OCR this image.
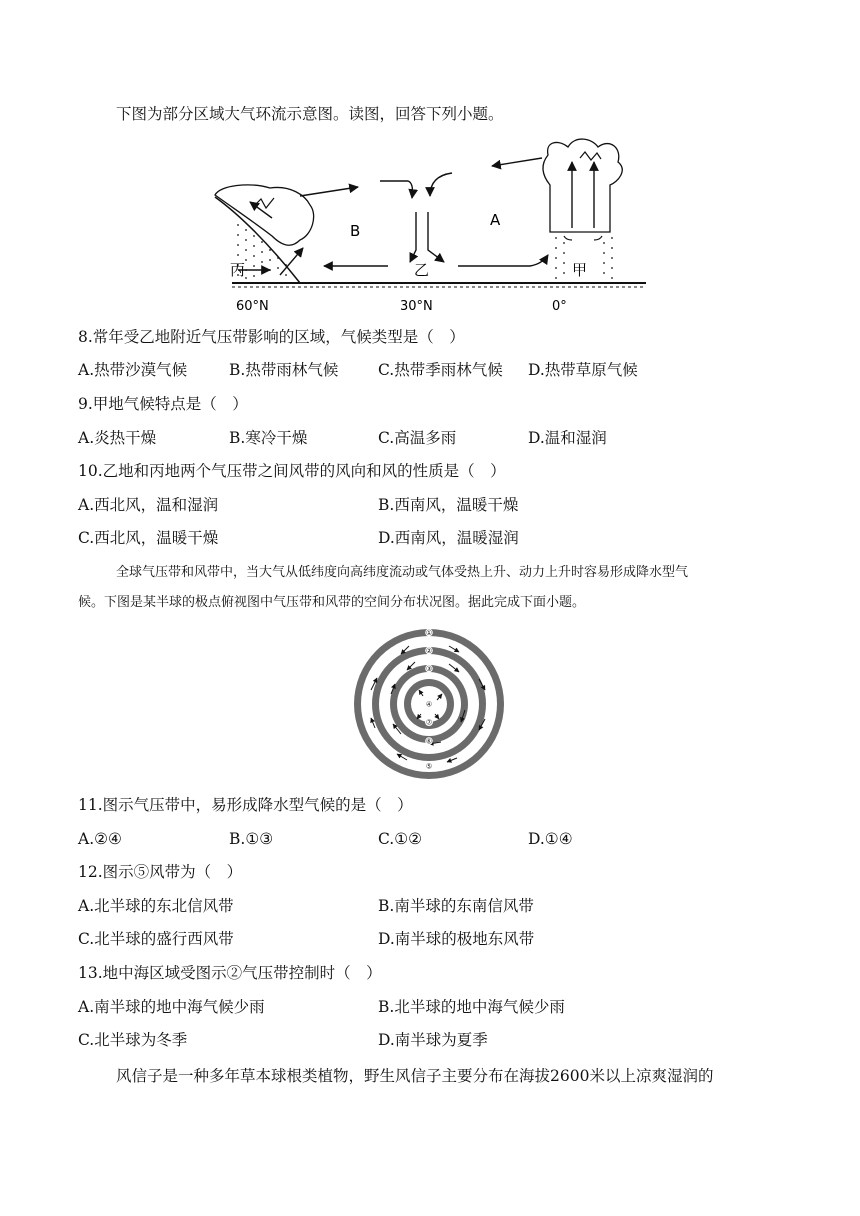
下图为部分区域大气环流示意图。读图，回答下列小题。
B
A
乙	甲
丙
60°N	30°N	0°
8.常年受乙地附近气压带影响的区域，气候类型是（　）
A.热带沙漠气候	B.热带雨林气候	C.热带季雨林气候 D.热带草原气候
9.甲地气候特点是（　）
A.炎热干燥	B.寒冷干燥	C.高温多雨	D.温和湿润
10.乙地和丙地两个气压带之间风带的风向和风的性质是（　）
A.西北风，温和湿润	B.西南风，温暖干燥
C.西北风，温暖干燥	D.西南风，温暖湿润
全球气压带和风带中，当大气从低纬度向高纬度流动或气体受热上升、动力上升时容易形成降水型气
候。下图是某半球的极点俯视图中气压带和风带的空间分布状况图。据此完成下面小题。
①
②
③
④
⑦
⑥
⑤
11.图示气压带中，易形成降水型气候的是（　）
A.②④	B.①③	C.①②	D.①④
12.图示⑤风带为（　）
A.北半球的东北信风带	B.南半球的东南信风带
C.北半球的盛行西风带	D.南半球的极地东风带
13.地中海区域受图示②气压带控制时（　）
A.南半球的地中海气候少雨	B.北半球的地中海气候少雨
C.北半球为冬季	D.南半球为夏季
风信子是一种多年草本球根类植物，野生风信子主要分布在海拔2600米以上凉爽湿润的
